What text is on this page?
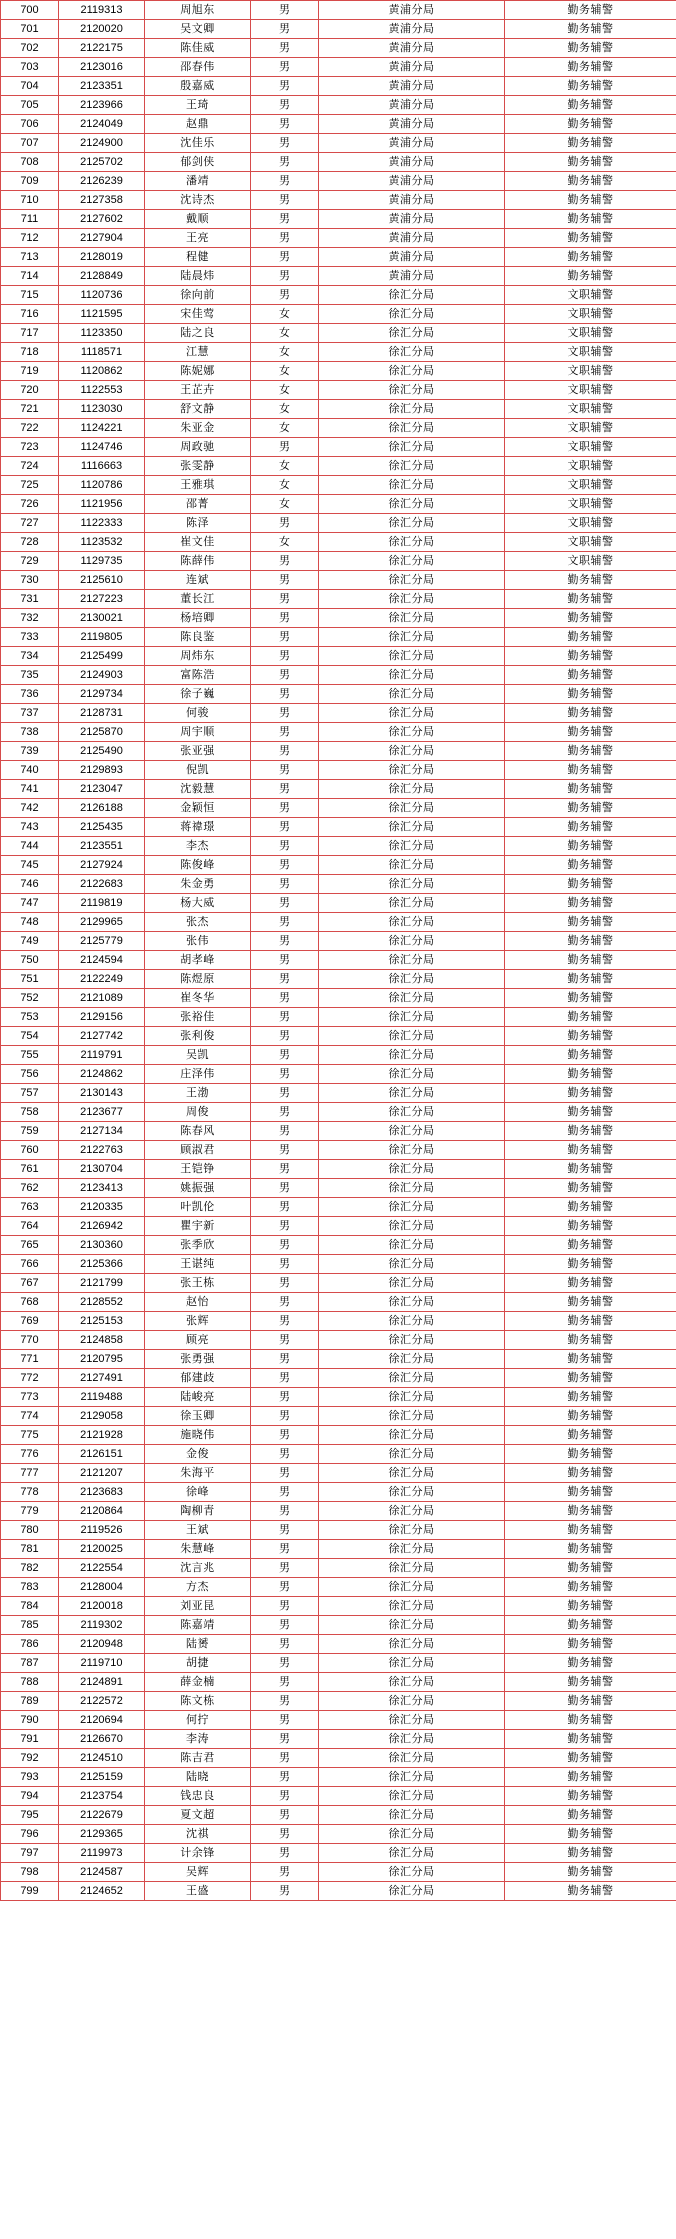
700	2119313	周旭东	男	黄浦分局	勤务辅警
701	2120020	吴文卿	男	黄浦分局	勤务辅警
702	2122175	陈佳威	男	黄浦分局	勤务辅警
703	2123016	邵春伟	男	黄浦分局	勤务辅警
704	2123351	殷嘉威	男	黄浦分局	勤务辅警
705	2123966	王琦	男	黄浦分局	勤务辅警
706	2124049	赵鼎	男	黄浦分局	勤务辅警
707	2124900	沈佳乐	男	黄浦分局	勤务辅警
708	2125702	郁剑侠	男	黄浦分局	勤务辅警
709	2126239	潘靖	男	黄浦分局	勤务辅警
710	2127358	沈诗杰	男	黄浦分局	勤务辅警
711	2127602	戴顺	男	黄浦分局	勤务辅警
712	2127904	王亮	男	黄浦分局	勤务辅警
713	2128019	程健	男	黄浦分局	勤务辅警
714	2128849	陆晨炜	男	黄浦分局	勤务辅警
715	1120736	徐向前	男	徐汇分局	文职辅警
716	1121595	宋佳莺	女	徐汇分局	文职辅警
717	1123350	陆之良	女	徐汇分局	文职辅警
718	1118571	江慧	女	徐汇分局	文职辅警
719	1120862	陈妮娜	女	徐汇分局	文职辅警
720	1122553	王芷卉	女	徐汇分局	文职辅警
721	1123030	舒文静	女	徐汇分局	文职辅警
722	1124221	朱亚金	女	徐汇分局	文职辅警
723	1124746	周政驰	男	徐汇分局	文职辅警
724	1116663	张雯静	女	徐汇分局	文职辅警
725	1120786	王雅琪	女	徐汇分局	文职辅警
726	1121956	邵菁	女	徐汇分局	文职辅警
727	1122333	陈泽	男	徐汇分局	文职辅警
728	1123532	崔文佳	女	徐汇分局	文职辅警
729	1129735	陈薛伟	男	徐汇分局	文职辅警
730	2125610	连斌	男	徐汇分局	勤务辅警
731	2127223	董长江	男	徐汇分局	勤务辅警
732	2130021	杨培卿	男	徐汇分局	勤务辅警
733	2119805	陈良鉴	男	徐汇分局	勤务辅警
734	2125499	周炜东	男	徐汇分局	勤务辅警
735	2124903	富陈浩	男	徐汇分局	勤务辅警
736	2129734	徐子巍	男	徐汇分局	勤务辅警
737	2128731	何骏	男	徐汇分局	勤务辅警
738	2125870	周宇顺	男	徐汇分局	勤务辅警
739	2125490	张亚强	男	徐汇分局	勤务辅警
740	2129893	倪凯	男	徐汇分局	勤务辅警
741	2123047	沈毅慧	男	徐汇分局	勤务辅警
742	2126188	金颖恒	男	徐汇分局	勤务辅警
743	2125435	蒋禕璟	男	徐汇分局	勤务辅警
744	2123551	李杰	男	徐汇分局	勤务辅警
745	2127924	陈俊峰	男	徐汇分局	勤务辅警
746	2122683	朱金勇	男	徐汇分局	勤务辅警
747	2119819	杨大威	男	徐汇分局	勤务辅警
748	2129965	张杰	男	徐汇分局	勤务辅警
749	2125779	张伟	男	徐汇分局	勤务辅警
750	2124594	胡孝峰	男	徐汇分局	勤务辅警
751	2122249	陈煜原	男	徐汇分局	勤务辅警
752	2121089	崔冬华	男	徐汇分局	勤务辅警
753	2129156	张裕佳	男	徐汇分局	勤务辅警
754	2127742	张利俊	男	徐汇分局	勤务辅警
755	2119791	吴凯	男	徐汇分局	勤务辅警
756	2124862	庄泽伟	男	徐汇分局	勤务辅警
757	2130143	王渤	男	徐汇分局	勤务辅警
758	2123677	周俊	男	徐汇分局	勤务辅警
759	2127134	陈春风	男	徐汇分局	勤务辅警
760	2122763	顾淑君	男	徐汇分局	勤务辅警
761	2130704	王铠铮	男	徐汇分局	勤务辅警
762	2123413	姚振强	男	徐汇分局	勤务辅警
763	2120335	叶凯伦	男	徐汇分局	勤务辅警
764	2126942	瞿宇新	男	徐汇分局	勤务辅警
765	2130360	张季欣	男	徐汇分局	勤务辅警
766	2125366	王谌纯	男	徐汇分局	勤务辅警
767	2121799	张王栋	男	徐汇分局	勤务辅警
768	2128552	赵怡	男	徐汇分局	勤务辅警
769	2125153	张辉	男	徐汇分局	勤务辅警
770	2124858	顾亮	男	徐汇分局	勤务辅警
771	2120795	张勇强	男	徐汇分局	勤务辅警
772	2127491	郁建歧	男	徐汇分局	勤务辅警
773	2119488	陆峻亮	男	徐汇分局	勤务辅警
774	2129058	徐玉卿	男	徐汇分局	勤务辅警
775	2121928	施晓伟	男	徐汇分局	勤务辅警
776	2126151	金俊	男	徐汇分局	勤务辅警
777	2121207	朱海平	男	徐汇分局	勤务辅警
778	2123683	徐峰	男	徐汇分局	勤务辅警
779	2120864	陶柳青	男	徐汇分局	勤务辅警
780	2119526	王斌	男	徐汇分局	勤务辅警
781	2120025	朱慧峰	男	徐汇分局	勤务辅警
782	2122554	沈言兆	男	徐汇分局	勤务辅警
783	2128004	方杰	男	徐汇分局	勤务辅警
784	2120018	刘亚昆	男	徐汇分局	勤务辅警
785	2119302	陈嘉靖	男	徐汇分局	勤务辅警
786	2120948	陆赟	男	徐汇分局	勤务辅警
787	2119710	胡捷	男	徐汇分局	勤务辅警
788	2124891	薛金楠	男	徐汇分局	勤务辅警
789	2122572	陈文栋	男	徐汇分局	勤务辅警
790	2120694	何拧	男	徐汇分局	勤务辅警
791	2126670	李涛	男	徐汇分局	勤务辅警
792	2124510	陈吉君	男	徐汇分局	勤务辅警
793	2125159	陆晓	男	徐汇分局	勤务辅警
794	2123754	钱忠良	男	徐汇分局	勤务辅警
795	2122679	夏文超	男	徐汇分局	勤务辅警
796	2129365	沈祺	男	徐汇分局	勤务辅警
797	2119973	计余锋	男	徐汇分局	勤务辅警
798	2124587	吴辉	男	徐汇分局	勤务辅警
799	2124652	王盛	男	徐汇分局	勤务辅警
